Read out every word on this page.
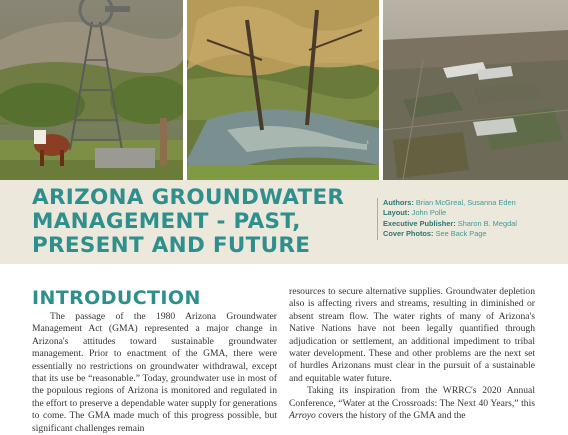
ARIZONA GROUNDWATER MANAGEMENT - PAST, PRESENT AND FUTURE
Authors: Brian McGreal, Susanna Eden
Layout: John Polle
Executive Publisher: Sharon B. Megdal
Cover Photos: See Back Page
INTRODUCTION

The passage of the 1980 Arizona Groundwater Management Act (GMA) represented a major change in Arizona's attitudes toward sustainable groundwater management. Prior to enactment of the GMA, there were essentially no restrictions on groundwater withdrawal, except that its use be “reasonable.” Today, groundwater use in most of the populous regions of Arizona is monitored and regulated in the effort to preserve a dependable water supply for generations to come. The GMA made much of this progress possible, but significant challenges remain

resources to secure alternative supplies. Groundwater depletion also is affecting rivers and streams, resulting in diminished or absent stream flow. The water rights of many of Arizona's Native Nations have not been legally quantified through adjudication or settlement, an additional impediment to tribal water development. These and other problems are the next set of hurdles Arizonans must clear in the pursuit of a sustainable and equitable water future.

Taking its inspiration from the WRRC's 2020 Annual Conference, “Water at the Crossroads: The Next 40 Years,” this Arroyo covers the history of the GMA and the
